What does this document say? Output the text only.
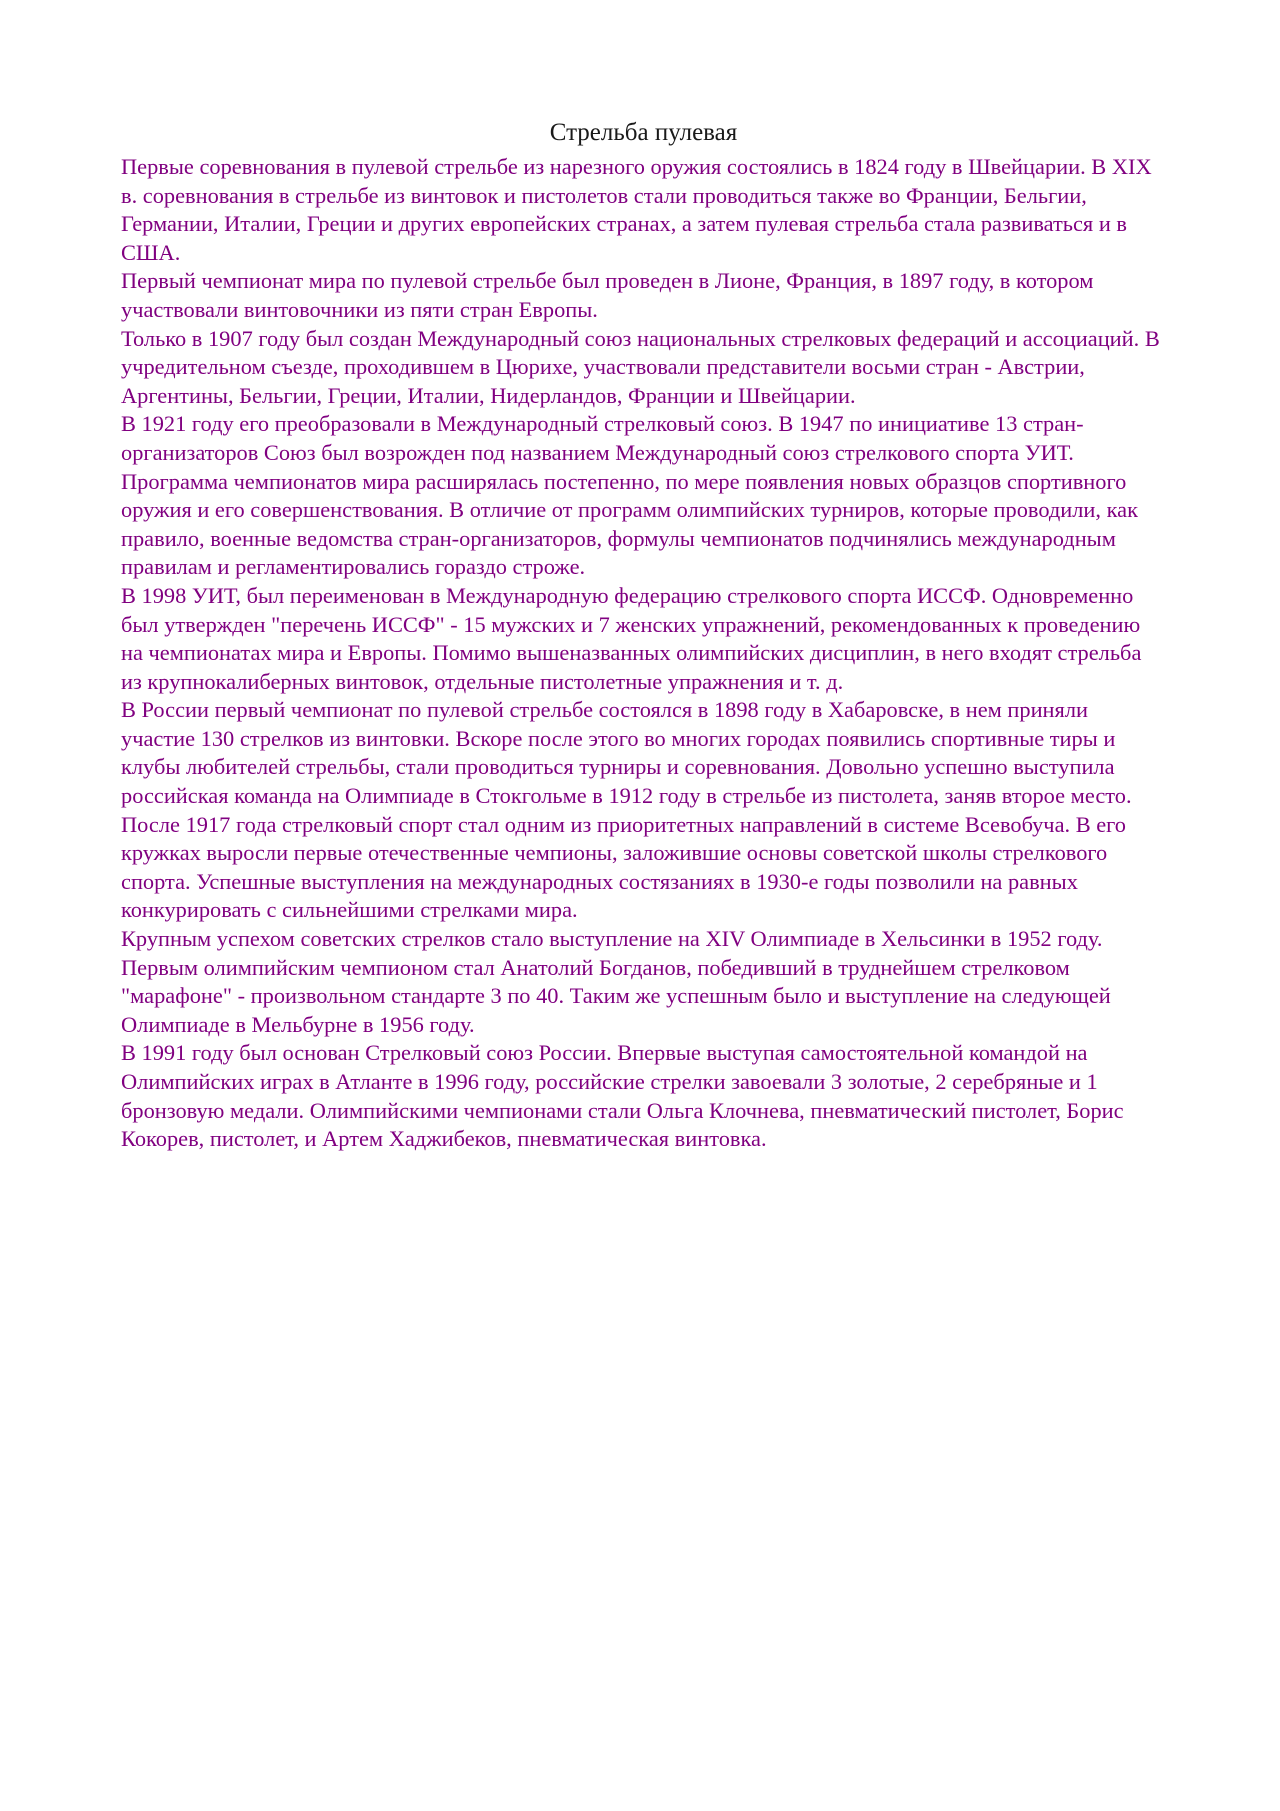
Стрельба пулевая

Первые соревнования в пулевой стрельбе из нарезного оружия состоялись в 1824 году в Швейцарии. В XIX в. соревнования в стрельбе из винтовок и пистолетов стали проводиться также во Франции, Бельгии, Германии, Италии, Греции и других европейских странах, а затем пулевая стрельба стала развиваться и в США.

Первый чемпионат мира по пулевой стрельбе был проведен в Лионе, Франция, в 1897 году, в котором участвовали винтовочники из пяти стран Европы.

Только в 1907 году был создан Международный союз национальных стрелковых федераций и ассоциаций. В учредительном съезде, проходившем в Цюрихе, участвовали представители восьми стран - Австрии, Аргентины, Бельгии, Греции, Италии, Нидерландов, Франции и Швейцарии.

В 1921 году его преобразовали в Международный стрелковый союз. В 1947 по инициативе 13 стран-организаторов Союз был возрожден под названием Международный союз стрелкового спорта УИТ.

Программа чемпионатов мира расширялась постепенно, по мере появления новых образцов спортивного оружия и его совершенствования. В отличие от программ олимпийских турниров, которые проводили, как правило, военные ведомства стран-организаторов, формулы чемпионатов подчинялись международным правилам и регламентировались гораздо строже.

В 1998 УИТ, был переименован в Международную федерацию стрелкового спорта ИССФ. Одновременно был утвержден "перечень ИССФ" - 15 мужских и 7 женских упражнений, рекомендованных к проведению на чемпионатах мира и Европы. Помимо вышеназванных олимпийских дисциплин, в него входят стрельба из крупнокалиберных винтовок, отдельные пистолетные упражнения и т. д.

В России первый чемпионат по пулевой стрельбе состоялся в 1898 году в Хабаровске, в нем приняли участие 130 стрелков из винтовки. Вскоре после этого во многих городах появились спортивные тиры и клубы любителей стрельбы, стали проводиться турниры и соревнования. Довольно успешно выступила российская команда на Олимпиаде в Стокгольме в 1912 году в стрельбе из пистолета, заняв второе место.

После 1917 года стрелковый спорт стал одним из приоритетных направлений в системе Всевобуча. В его кружках выросли первые отечественные чемпионы, заложившие основы советской школы стрелкового спорта. Успешные выступления на международных состязаниях в 1930-е годы позволили на равных конкурировать с сильнейшими стрелками мира.

Крупным успехом советских стрелков стало выступление на XIV Олимпиаде в Хельсинки в 1952 году. Первым олимпийским чемпионом стал Анатолий Богданов, победивший в труднейшем стрелковом "марафоне" - произвольном стандарте 3 по 40. Таким же успешным было и выступление на следующей Олимпиаде в Мельбурне в 1956 году.

В 1991 году был основан Стрелковый союз России. Впервые выступая самостоятельной командой на Олимпийских играх в Атланте в 1996 году, российские стрелки завоевали 3 золотые, 2 серебряные и 1 бронзовую медали. Олимпийскими чемпионами стали Ольга Клочнева, пневматический пистолет, Борис Кокорев, пистолет, и Артем Хаджибеков, пневматическая винтовка.
